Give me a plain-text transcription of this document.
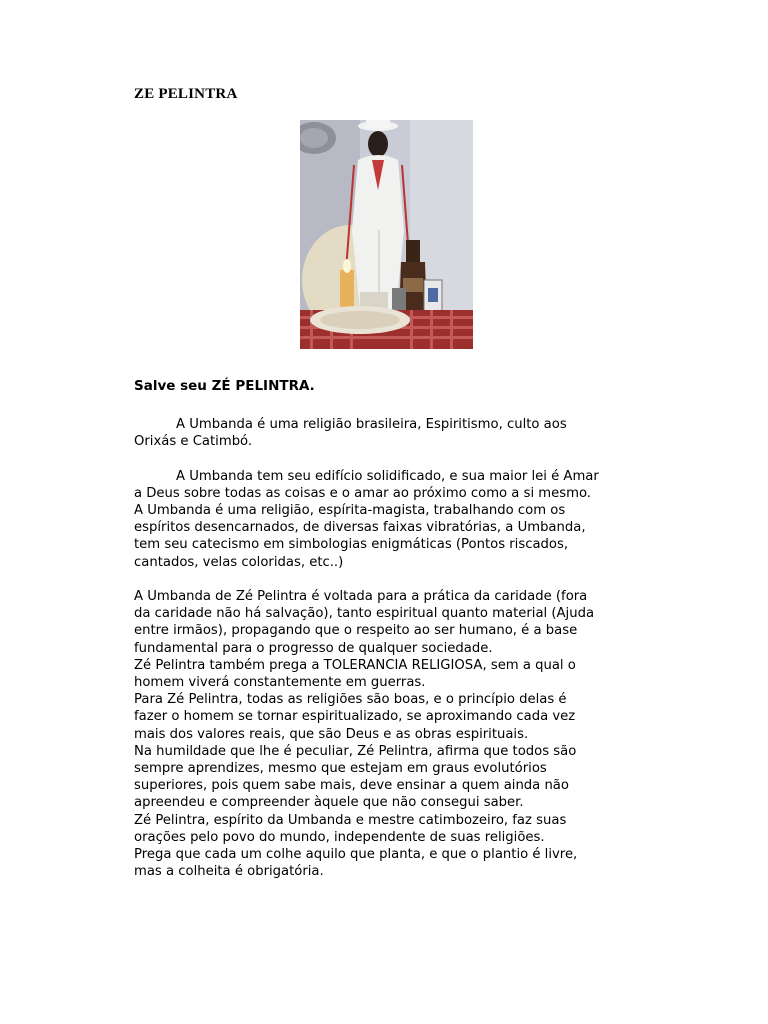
ZE PELINTRA
Salve seu ZÉ PELINTRA.

A Umbanda é uma religião brasileira, Espiritismo, culto aos

Orixás e Catimbó.

A Umbanda tem seu edifício solidificado, e sua maior lei é Amar

a Deus sobre todas as coisas e o amar ao próximo como a si mesmo.

A Umbanda é uma religião, espírita-magista, trabalhando com os

espíritos desencarnados, de diversas faixas vibratórias, a Umbanda,

tem seu catecismo em simbologias enigmáticas (Pontos riscados,

cantados, velas coloridas, etc..)

A Umbanda de Zé Pelintra é voltada para a prática da caridade (fora

da caridade não há salvação), tanto espiritual quanto material (Ajuda

entre irmãos), propagando que o respeito ao ser humano, é a base

fundamental para o progresso de qualquer sociedade.

Zé Pelintra também prega a TOLERANCIA RELIGIOSA, sem a qual o

homem viverá constantemente em guerras.

Para Zé Pelintra, todas as religiões são boas, e o princípio delas é

fazer o homem se tornar espiritualizado, se aproximando cada vez

mais dos valores reais, que são Deus e as obras espirituais.

Na humildade que lhe é peculiar, Zé Pelintra, afirma que todos são

sempre aprendizes, mesmo que estejam em graus evolutórios

superiores, pois quem sabe mais, deve ensinar a quem ainda não

apreendeu e compreender àquele que não consegui saber.

Zé Pelintra, espírito da Umbanda e mestre catimbozeiro, faz suas

orações pelo povo do mundo, independente de suas religiões.

Prega que cada um colhe aquilo que planta, e que o plantio é livre,

mas a colheita é obrigatória.
